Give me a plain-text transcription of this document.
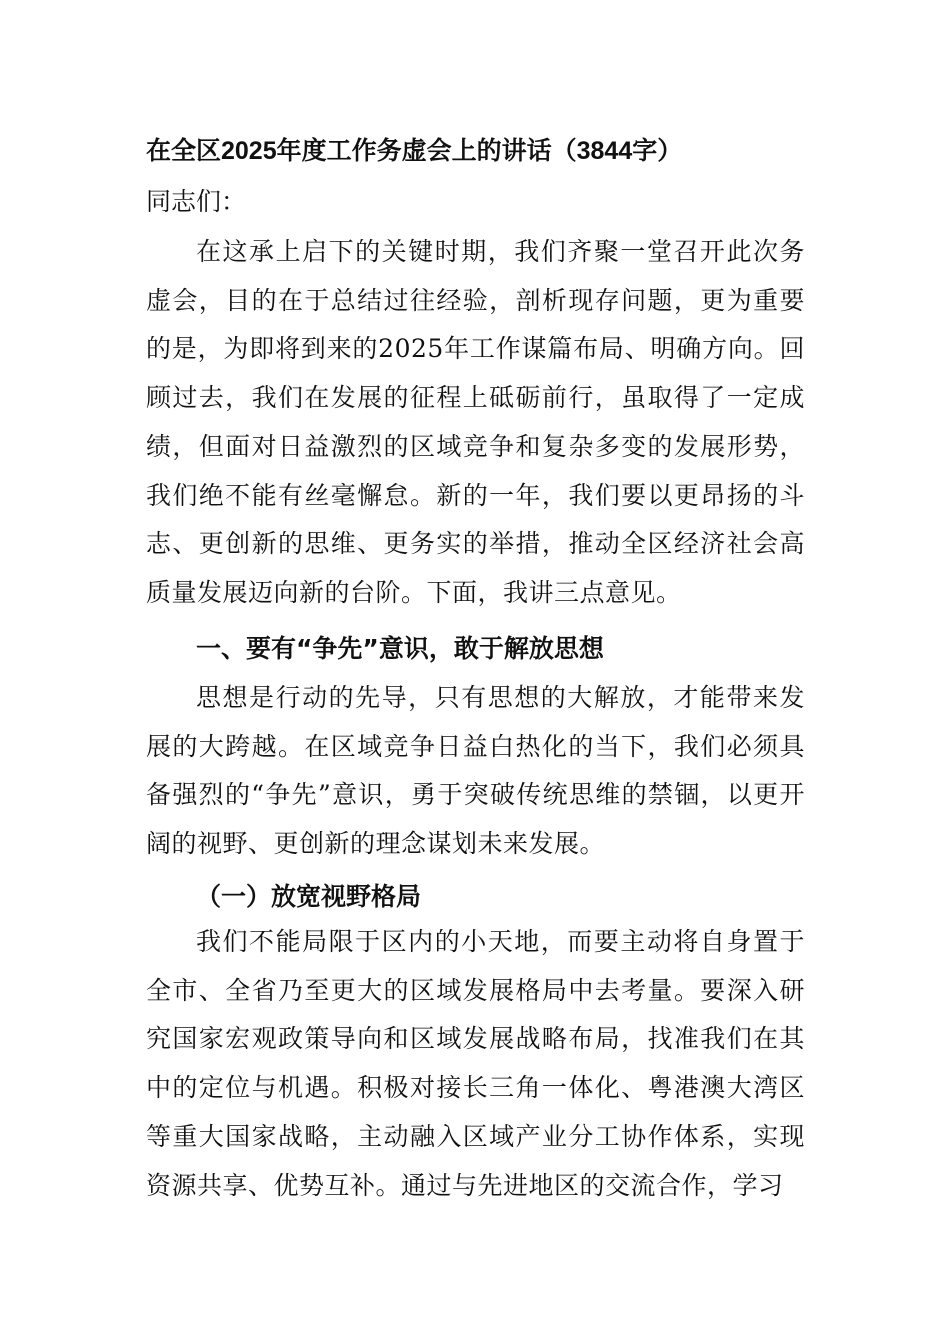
在全区2025年度工作务虚会上的讲话（3844字）
同志们：
在这承上启下的关键时期，我们齐聚一堂召开此次务虚会，目的在于总结过往经验，剖析现存问题，更为重要的是，为即将到来的2025年工作谋篇布局、明确方向。回顾过去，我们在发展的征程上砥砺前行，虽取得了一定成绩，但面对日益激烈的区域竞争和复杂多变的发展形势，我们绝不能有丝毫懈怠。新的一年，我们要以更昂扬的斗志、更创新的思维、更务实的举措，推动全区经济社会高质量发展迈向新的台阶。下面，我讲三点意见。
一、要有“争先”意识，敢于解放思想
思想是行动的先导，只有思想的大解放，才能带来发展的大跨越。在区域竞争日益白热化的当下，我们必须具备强烈的“争先”意识，勇于突破传统思维的禁锢，以更开阔的视野、更创新的理念谋划未来发展。
（一）放宽视野格局
我们不能局限于区内的小天地，而要主动将自身置于全市、全省乃至更大的区域发展格局中去考量。要深入研究国家宏观政策导向和区域发展战略布局，找准我们在其中的定位与机遇。积极对接长三角一体化、粤港澳大湾区等重大国家战略，主动融入区域产业分工协作体系，实现资源共享、优势互补。通过与先进地区的交流合作，学习
